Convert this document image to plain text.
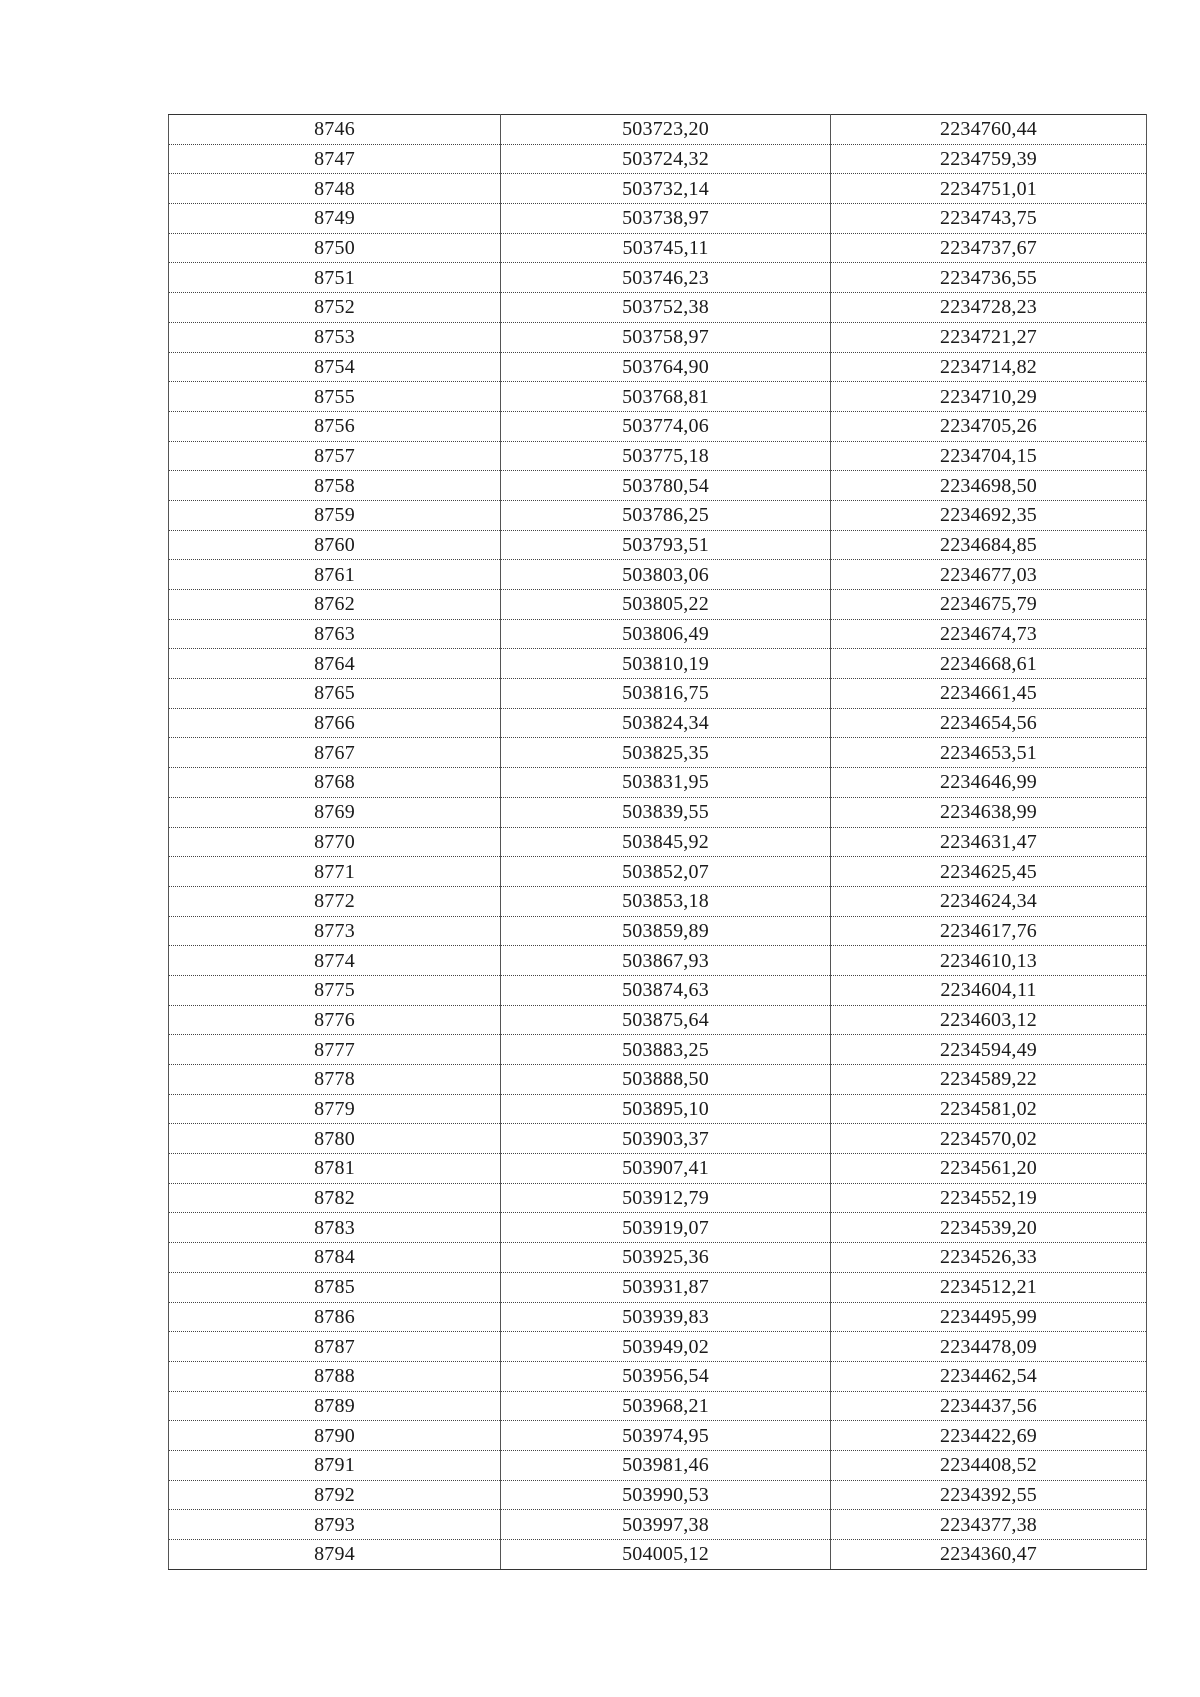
8746	503723,20	2234760,44
8747	503724,32	2234759,39
8748	503732,14	2234751,01
8749	503738,97	2234743,75
8750	503745,11	2234737,67
8751	503746,23	2234736,55
8752	503752,38	2234728,23
8753	503758,97	2234721,27
8754	503764,90	2234714,82
8755	503768,81	2234710,29
8756	503774,06	2234705,26
8757	503775,18	2234704,15
8758	503780,54	2234698,50
8759	503786,25	2234692,35
8760	503793,51	2234684,85
8761	503803,06	2234677,03
8762	503805,22	2234675,79
8763	503806,49	2234674,73
8764	503810,19	2234668,61
8765	503816,75	2234661,45
8766	503824,34	2234654,56
8767	503825,35	2234653,51
8768	503831,95	2234646,99
8769	503839,55	2234638,99
8770	503845,92	2234631,47
8771	503852,07	2234625,45
8772	503853,18	2234624,34
8773	503859,89	2234617,76
8774	503867,93	2234610,13
8775	503874,63	2234604,11
8776	503875,64	2234603,12
8777	503883,25	2234594,49
8778	503888,50	2234589,22
8779	503895,10	2234581,02
8780	503903,37	2234570,02
8781	503907,41	2234561,20
8782	503912,79	2234552,19
8783	503919,07	2234539,20
8784	503925,36	2234526,33
8785	503931,87	2234512,21
8786	503939,83	2234495,99
8787	503949,02	2234478,09
8788	503956,54	2234462,54
8789	503968,21	2234437,56
8790	503974,95	2234422,69
8791	503981,46	2234408,52
8792	503990,53	2234392,55
8793	503997,38	2234377,38
8794	504005,12	2234360,47
